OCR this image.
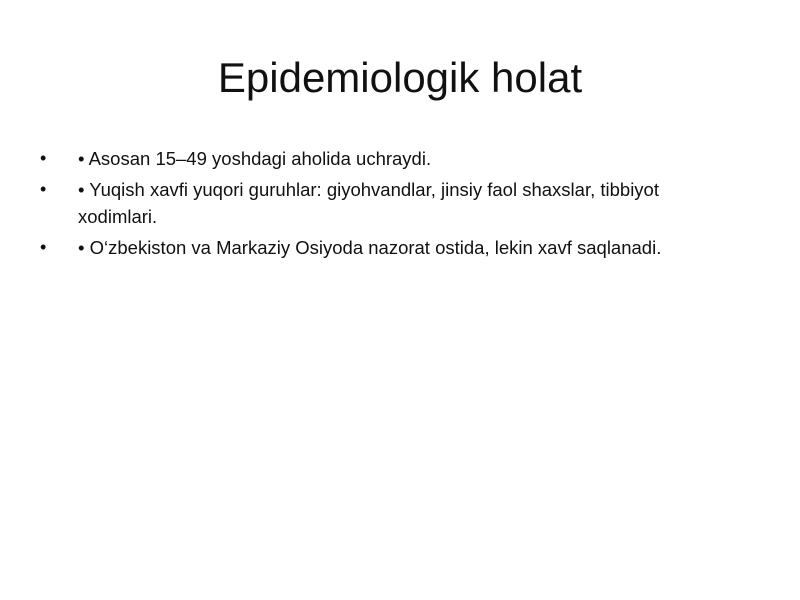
Epidemiologik holat
• • Asosan 15–49 yoshdagi aholida uchraydi.
• • Yuqish xavfi yuqori guruhlar: giyohvandlar, jinsiy faol shaxslar, tibbiyot xodimlari.
• • O‘zbekiston va Markaziy Osiyoda nazorat ostida, lekin xavf saqlanadi.
